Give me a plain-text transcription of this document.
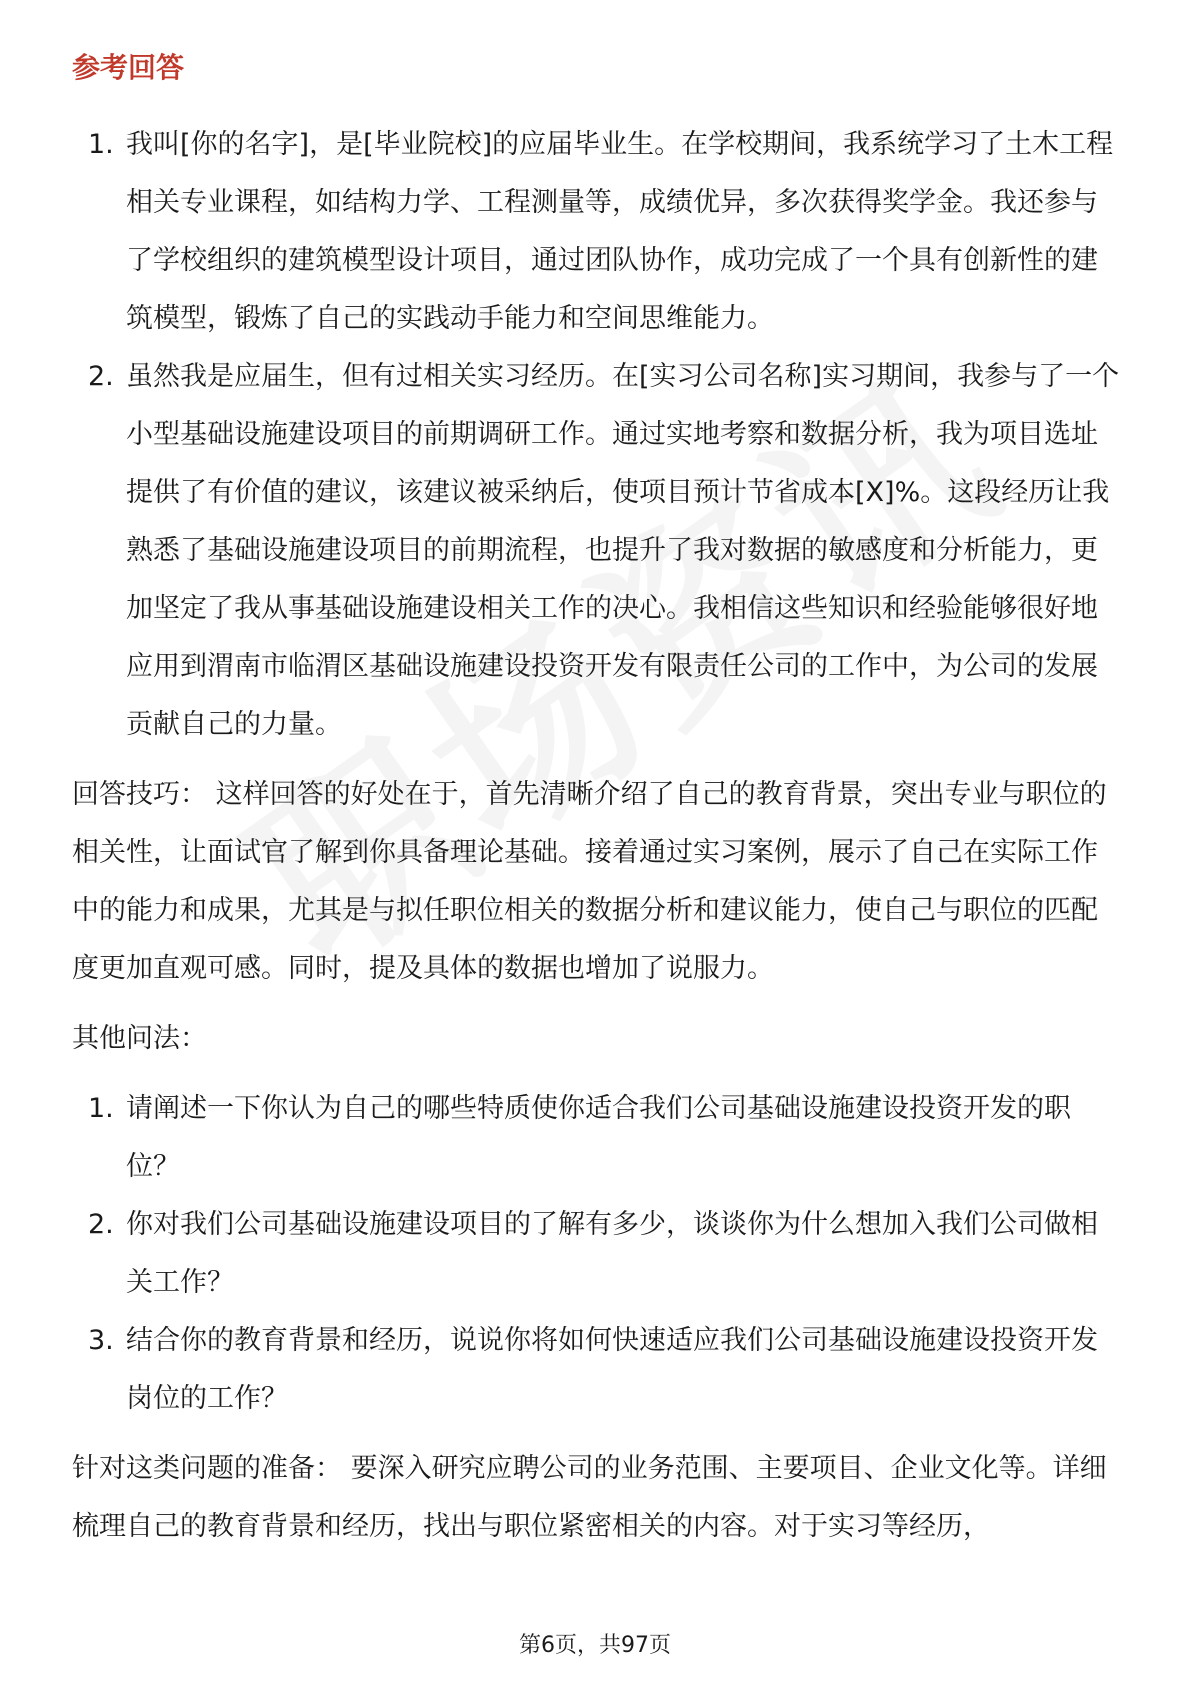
参考回答
1. 我叫[你的名字]，是[毕业院校]的应届毕业生。在学校期间，我系统学习了土木工程相关专业课程，如结构力学、工程测量等，成绩优异，多次获得奖学金。我还参与了学校组织的建筑模型设计项目，通过团队协作，成功完成了一个具有创新性的建筑模型，锻炼了自己的实践动手能力和空间思维能力。
2. 虽然我是应届生，但有过相关实习经历。在[实习公司名称]实习期间，我参与了一个小型基础设施建设项目的前期调研工作。通过实地考察和数据分析，我为项目选址提供了有价值的建议，该建议被采纳后，使项目预计节省成本[X]%。这段经历让我熟悉了基础设施建设项目的前期流程，也提升了我对数据的敏感度和分析能力，更加坚定了我从事基础设施建设相关工作的决心。我相信这些知识和经验能够很好地应用到渭南市临渭区基础设施建设投资开发有限责任公司的工作中，为公司的发展贡献自己的力量。

回答技巧： 这样回答的好处在于，首先清晰介绍了自己的教育背景，突出专业与职位的相关性，让面试官了解到你具备理论基础。接着通过实习案例，展示了自己在实际工作中的能力和成果，尤其是与拟任职位相关的数据分析和建议能力，使自己与职位的匹配度更加直观可感。同时，提及具体的数据也增加了说服力。

其他问法：

1. 请阐述一下你认为自己的哪些特质使你适合我们公司基础设施建设投资开发的职位？
2. 你对我们公司基础设施建设项目的了解有多少，谈谈你为什么想加入我们公司做相关工作？
3. 结合你的教育背景和经历，说说你将如何快速适应我们公司基础设施建设投资开发岗位的工作？

针对这类问题的准备： 要深入研究应聘公司的业务范围、主要项目、企业文化等。详细梳理自己的教育背景和经历，找出与职位紧密相关的内容。对于实习等经历，

第6页，共97页
